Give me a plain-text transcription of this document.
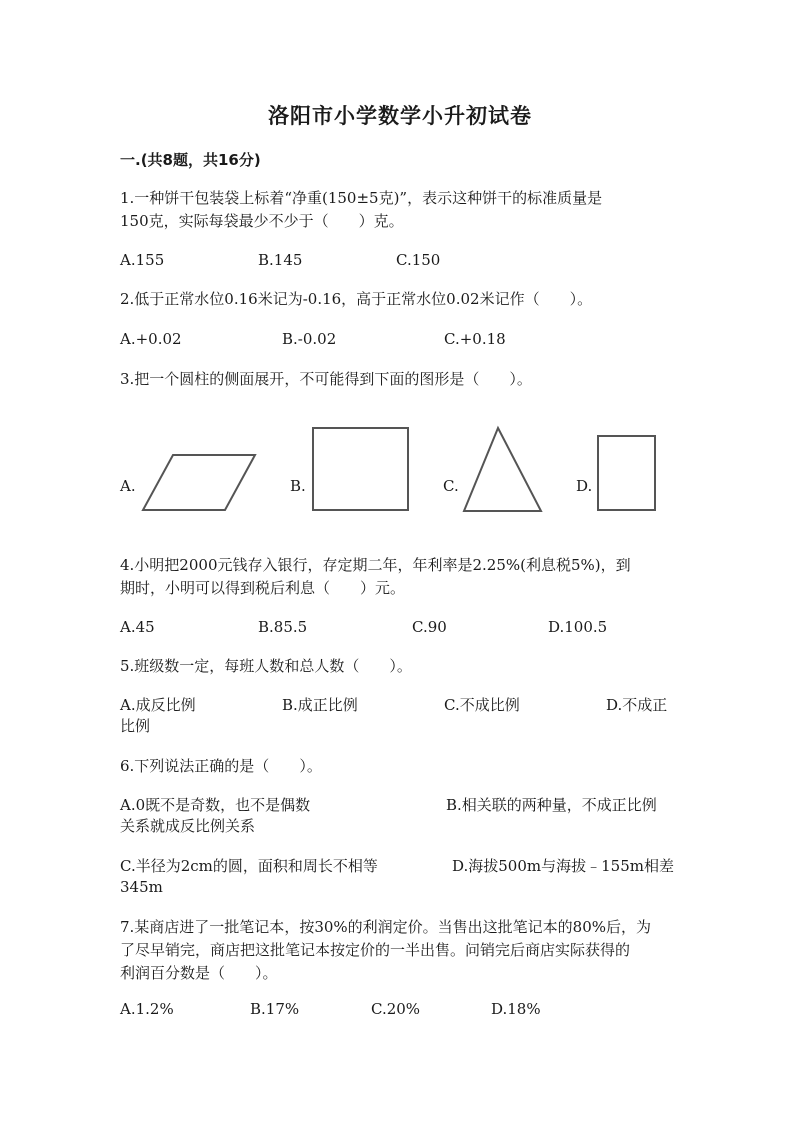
洛阳市小学数学小升初试卷
一.(共8题，共16分)
1.一种饼干包装袋上标着“净重(150±5克)”，表示这种饼干的标准质量是
150克，实际每袋最少不少于（　　）克。
A.155	B.145	C.150
2.低于正常水位0.16米记为-0.16，高于正常水位0.02米记作（　　）。
A.+0.02	B.-0.02	C.+0.18
3.把一个圆柱的侧面展开，不可能得到下面的图形是（　　）。
A.	B.	C.	D.
4.小明把2000元钱存入银行，存定期二年，年利率是2.25%(利息税5%)，到
期时，小明可以得到税后利息（　　）元。
A.45	B.85.5	C.90	D.100.5
5.班级数一定，每班人数和总人数（　　）。
A.成反比例	B.成正比例	C.不成比例	D.不成正
比例
6.下列说法正确的是（　　）。
A.0既不是奇数，也不是偶数	B.相关联的两种量，不成正比例
关系就成反比例关系
C.半径为2cm的圆，面积和周长不相等	D.海拔500m与海拔﹣155m相差
345m
7.某商店进了一批笔记本，按30%的利润定价。当售出这批笔记本的80%后，为
了尽早销完，商店把这批笔记本按定价的一半出售。问销完后商店实际获得的
利润百分数是（　　）。
A.1.2%	B.17%	C.20%	D.18%
